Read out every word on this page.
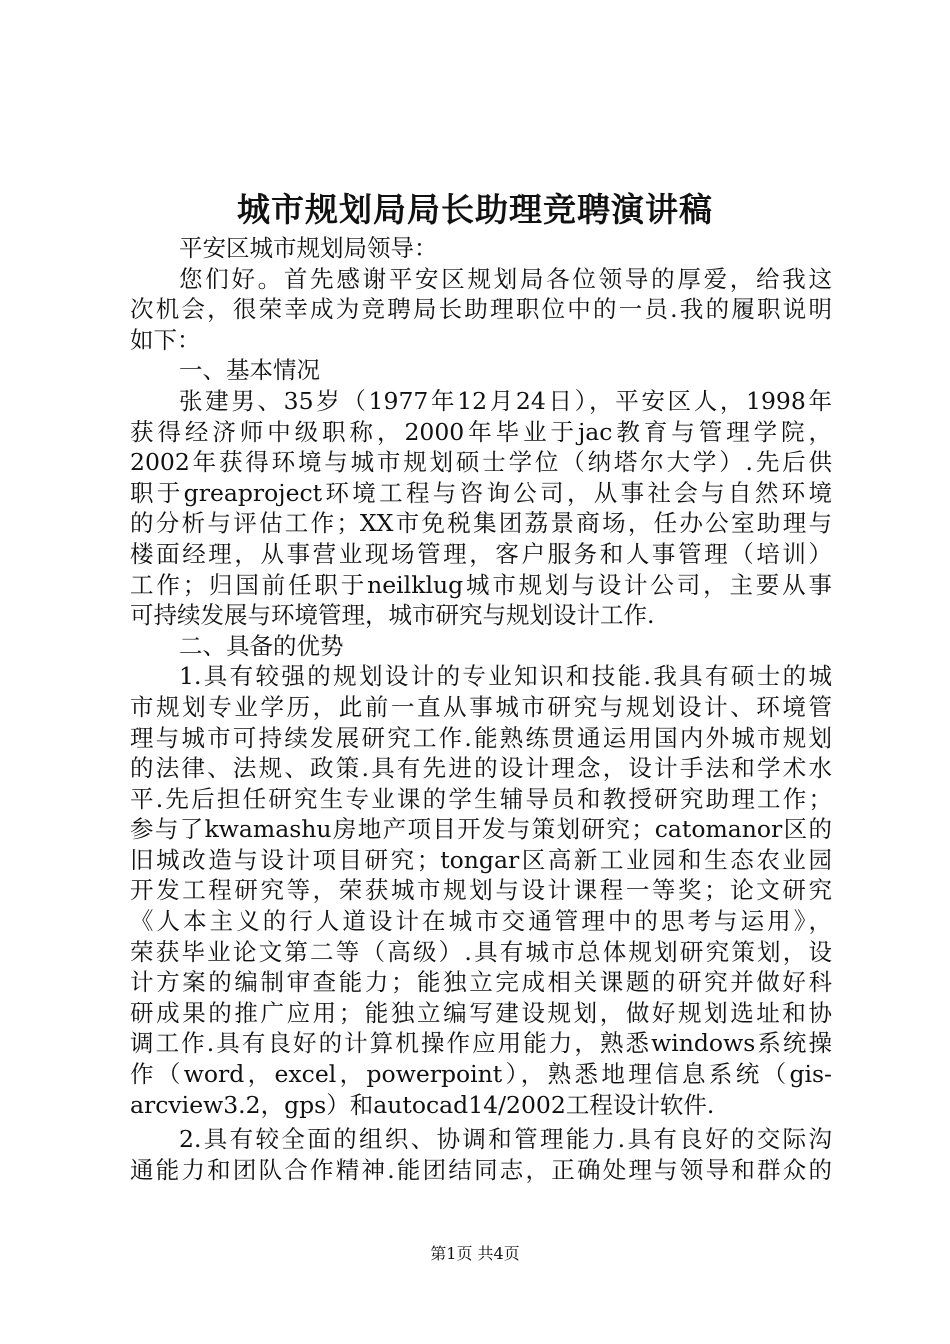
城市规划局局长助理竞聘演讲稿
平安区城市规划局领导：
您们好。首先感谢平安区规划局各位领导的厚爱，给我这
次机会，很荣幸成为竞聘局长助理职位中的一员.我的履职说明
如下：
一、基本情况
张建男、35岁（1977年12月24日），平安区人，1998年
获得经济师中级职称，2000年毕业于jac教育与管理学院，
2002年获得环境与城市规划硕士学位（纳塔尔大学）.先后供
职于greaproject环境工程与咨询公司，从事社会与自然环境
的分析与评估工作；XX市免税集团荔景商场，任办公室助理与
楼面经理，从事营业现场管理，客户服务和人事管理（培训）
工作；归国前任职于neilklug城市规划与设计公司，主要从事
可持续发展与环境管理，城市研究与规划设计工作.
二、具备的优势
1.具有较强的规划设计的专业知识和技能.我具有硕士的城
市规划专业学历，此前一直从事城市研究与规划设计、环境管
理与城市可持续发展研究工作.能熟练贯通运用国内外城市规划
的法律、法规、政策.具有先进的设计理念，设计手法和学术水
平.先后担任研究生专业课的学生辅导员和教授研究助理工作；
参与了kwamashu房地产项目开发与策划研究；catomanor区的
旧城改造与设计项目研究；tongar区高新工业园和生态农业园
开发工程研究等，荣获城市规划与设计课程一等奖；论文研究
《人本主义的行人道设计在城市交通管理中的思考与运用》，
荣获毕业论文第二等（高级）.具有城市总体规划研究策划，设
计方案的编制审查能力；能独立完成相关课题的研究并做好科
研成果的推广应用；能独立编写建设规划，做好规划选址和协
调工作.具有良好的计算机操作应用能力，熟悉windows系统操
作（word，excel，powerpoint），熟悉地理信息系统（gis-
arcview3.2，gps）和autocad14/2002工程设计软件.
2.具有较全面的组织、协调和管理能力.具有良好的交际沟
通能力和团队合作精神.能团结同志，正确处理与领导和群众的
第1页 共4页
